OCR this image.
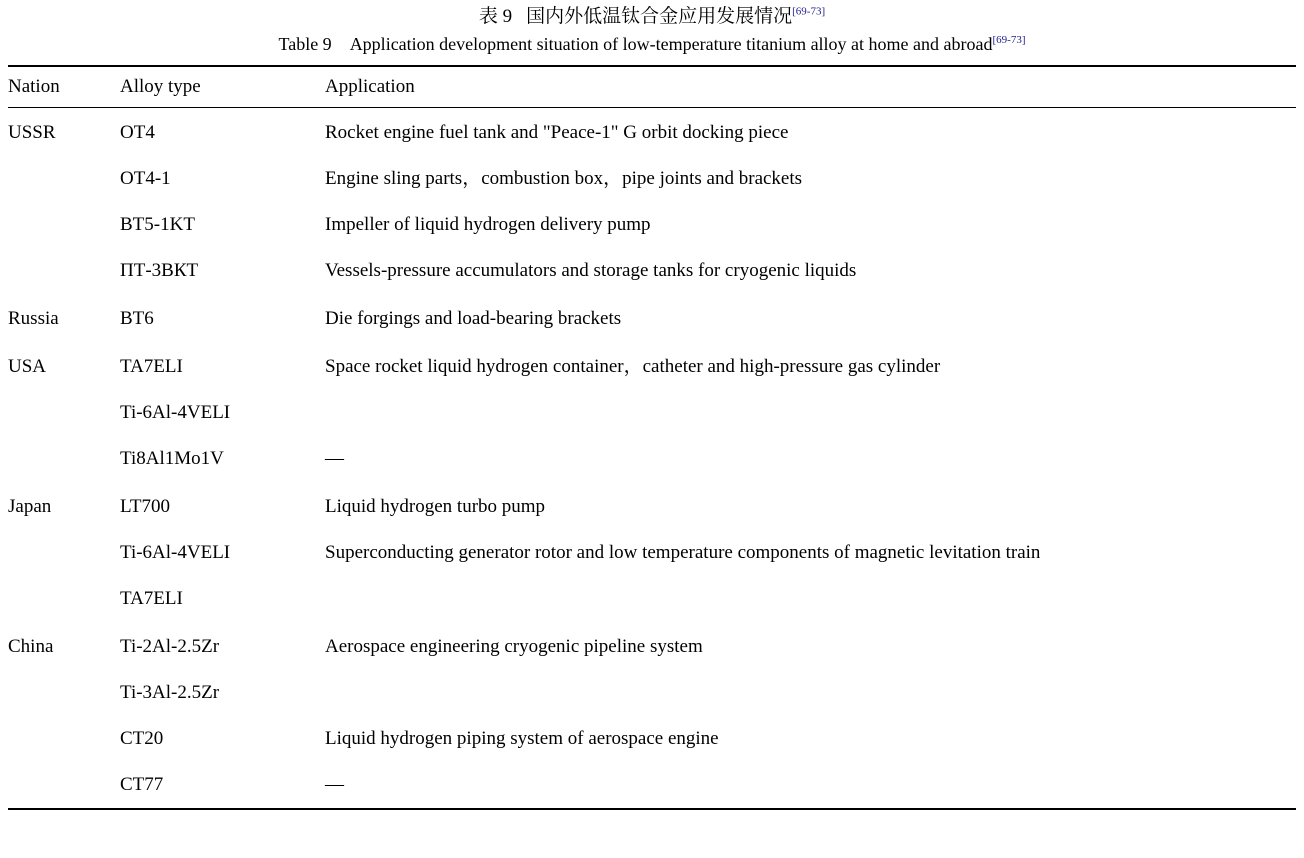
表 9 国内外低温钛合金应用发展情况[69-73]
Table 9 Application development situation of low-temperature titanium alloy at home and abroad[69-73]
Nation	Alloy type	Application
USSR	OT4	Rocket engine fuel tank and "Peace-1" G orbit docking piece
	OT4-1	Engine sling parts，combustion box，pipe joints and brackets
	BT5-1KT	Impeller of liquid hydrogen delivery pump
	ПТ-3ВКТ	Vessels-pressure accumulators and storage tanks for cryogenic liquids
Russia	BT6	Die forgings and load-bearing brackets
USA	TA7ELI	Space rocket liquid hydrogen container，catheter and high-pressure gas cylinder
	Ti-6Al-4VELI	
	Ti8Al1Mo1V	—
Japan	LT700	Liquid hydrogen turbo pump
	Ti-6Al-4VELI	Superconducting generator rotor and low temperature components of magnetic levitation train
	TA7ELI	
China	Ti-2Al-2.5Zr	Aerospace engineering cryogenic pipeline system
	Ti-3Al-2.5Zr	
	CT20	Liquid hydrogen piping system of aerospace engine
	CT77	—
